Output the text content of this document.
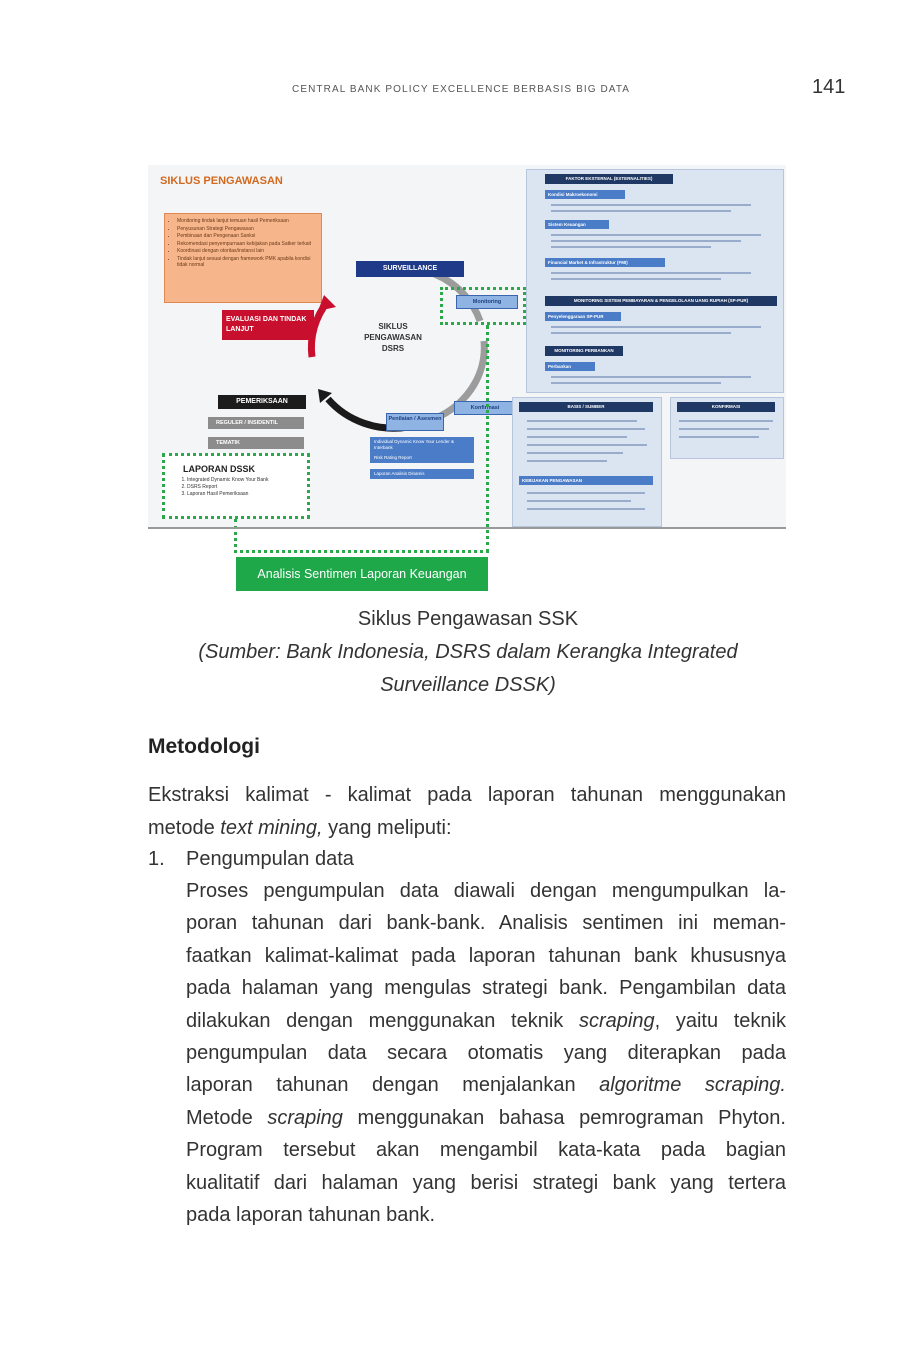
CENTRAL BANK POLICY EXCELLENCE BERBASIS BIG DATA	141
SIKLUS PENGAWASAN
• Monitoring tindak lanjut temuan hasil Pemeriksaan
• Penyusunan Strategi Pengawasan
• Pembinaan dan Pengenaan Sanksi
• Rekomendasi penyempurnaan kebijakan pada Satker terkait
• Koordinasi dengan otoritas/instansi lain
• Tindak lanjut sesuai dengan framework PMK apabila kondisi tidak normal	SURVEILLANCE
EVALUASI DAN TINDAK LANJUT	SIKLUS
PENGAWASAN
DSRS
Monitoring
Konfirmasi
Penilaian / Asesmen
Individual Dynamic Know Your Lender & Interbank
Risk Rating Report
Laporan Analisis Dinamis
PEMERIKSAAN
REGULER / INSIDENTIL
TEMATIK
LAPORAN DSSK
1. Integrated Dynamic Know Your Bank
2. DSRS Report
3. Laporan Hasil Pemeriksaan
FAKTOR EKSTERNAL (EXTERNALITIES)
Kondisi Makroekonomi
Sistem Keuangan
Financial Market & Infrastruktur (FMI)
MONITORING SISTEM PEMBAYARAN & PENGELOLAAN UANG RUPIAH (SP-PUR)
Penyelenggaraan SP-PUR
MONITORING PERBANKAN
Perbankan
BASIS / SUMBER
KEBIJAKAN PENGAWASAN
KONFIRMASI
Analisis Sentimen Laporan Keuangan
Siklus Pengawasan SSK
(Sumber: Bank Indonesia, DSRS dalam Kerangka Integrated
Surveillance DSSK)
Metodologi
Ekstraksi kalimat - kalimat pada laporan tahunan menggunakan
metode text mining, yang meliputi:
1. Pengumpulan data
Proses pengumpulan data diawali dengan mengumpulkan la-
poran tahunan dari bank-bank. Analisis sentimen ini meman-
faatkan kalimat-kalimat pada laporan tahunan bank khususnya
pada halaman yang mengulas strategi bank. Pengambilan data
dilakukan dengan menggunakan teknik scraping, yaitu teknik
pengumpulan data secara otomatis yang diterapkan pada
laporan tahunan dengan menjalankan algoritme scraping.
Metode scraping menggunakan bahasa pemrograman Phyton.
Program tersebut akan mengambil kata-kata pada bagian
kualitatif dari halaman yang berisi strategi bank yang tertera
pada laporan tahunan bank.
